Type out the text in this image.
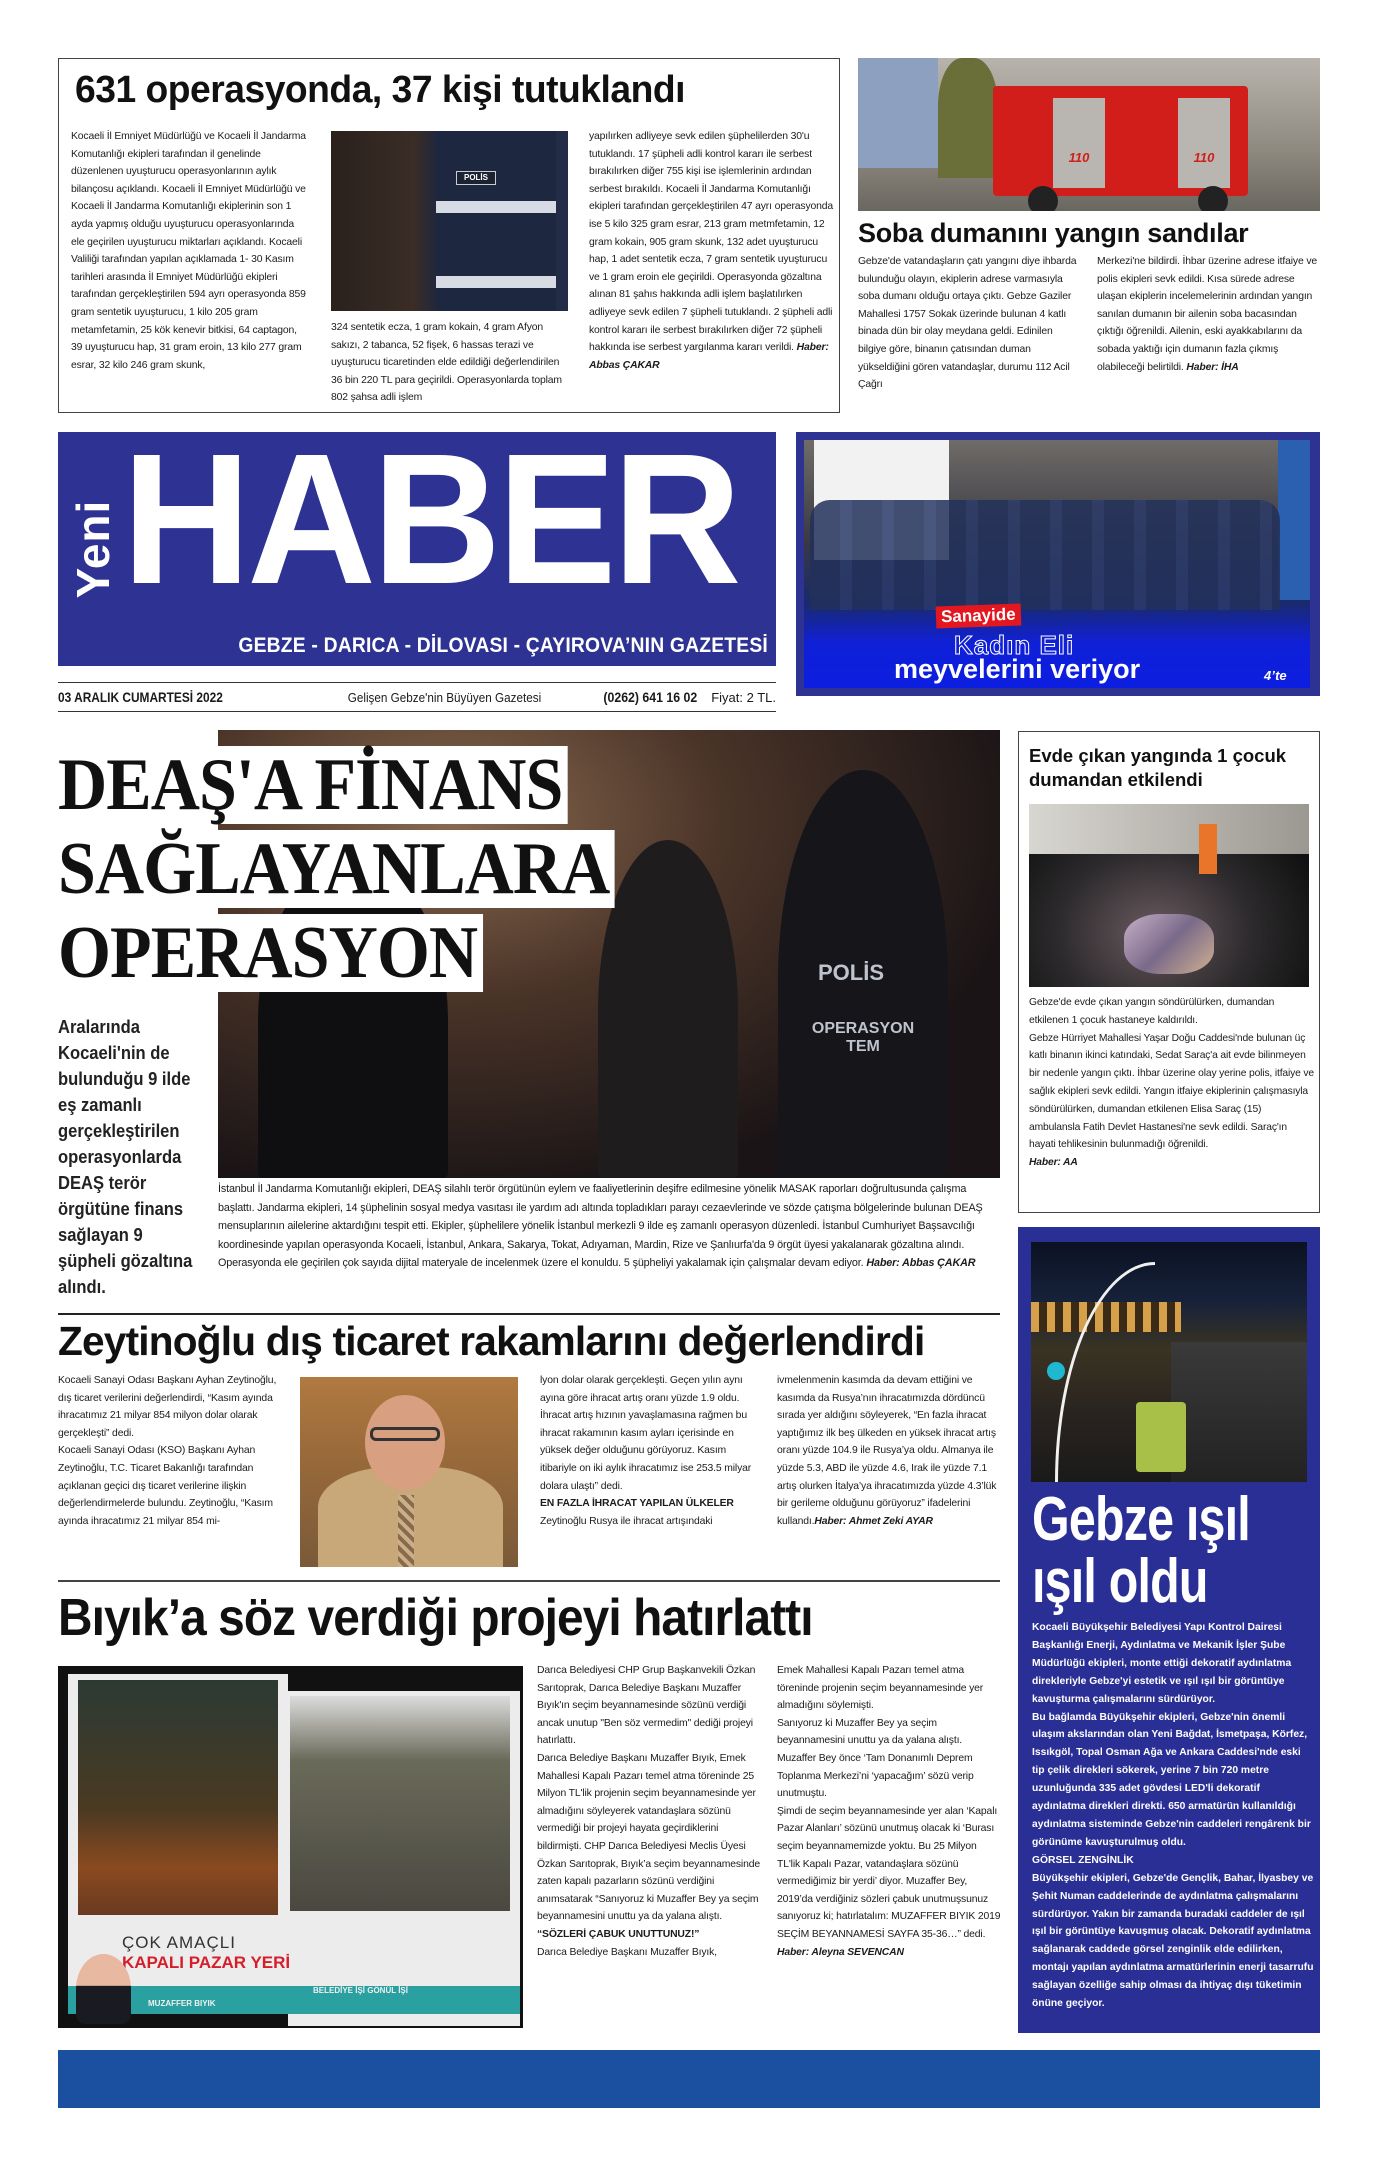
631 operasyonda, 37 kişi tutuklandı
Kocaeli İl Emniyet Müdürlüğü ve Kocaeli İl Jandarma Komutanlığı ekipleri tarafından il genelinde düzenlenen uyuşturucu operasyonlarının aylık bilançosu açıklandı. Kocaeli İl Emniyet Müdürlüğü ve Kocaeli İl Jandarma Komutanlığı ekiplerinin son 1 ayda yapmış olduğu uyuşturucu operasyonlarında ele geçirilen uyuşturucu miktarları açıklandı. Kocaeli Valiliği tarafından yapılan açıklamada 1- 30 Kasım tarihleri arasında İl Emniyet Müdürlüğü ekipleri tarafından gerçekleştirilen 594 ayrı operasyonda 859 gram sentetik uyuşturucu, 1 kilo 205 gram metamfetamin, 25 kök kenevir bitkisi, 64 captagon, 39 uyuşturucu hap, 31 gram eroin, 13 kilo 277 gram esrar, 32 kilo 246 gram skunk,
POLİS
324 sentetik ecza, 1 gram kokain, 4 gram Afyon sakızı, 2 tabanca, 52 fişek, 6 hassas terazi ve uyuşturucu ticaretinden elde edildiği değerlendirilen 36 bin 220 TL para geçirildi. Operasyonlarda toplam 802 şahsa adli işlem
yapılırken adliyeye sevk edilen şüphelilerden 30'u tutuklandı. 17 şüpheli adli kontrol kararı ile serbest bırakılırken diğer 755 kişi ise işlemlerinin ardından serbest bırakıldı. Kocaeli İl Jandarma Komutanlığı ekipleri tarafından gerçekleştirilen 47 ayrı operasyonda ise 5 kilo 325 gram esrar, 213 gram metmfetamin, 12 gram kokain, 905 gram skunk, 132 adet uyuşturucu hap, 1 adet sentetik ecza, 7 gram sentetik uyuşturucu ve 1 gram eroin ele geçirildi. Operasyonda gözaltına alınan 81 şahıs hakkında adli işlem başlatılırken adliyeye sevk edilen 7 şüpheli tutuklandı. 2 şüpheli adli kontrol kararı ile serbest bırakılırken diğer 72 şüpheli hakkında ise serbest yargılanma kararı verildi. Haber: Abbas ÇAKAR
110	110
Soba dumanını yangın sandılar
Gebze'de vatandaşların çatı yangını diye ihbarda bulunduğu olayın, ekiplerin adrese varmasıyla soba dumanı olduğu ortaya çıktı. Gebze Gaziler Mahallesi 1757 Sokak üzerinde bulunan 4 katlı binada dün bir olay meydana geldi. Edinilen bilgiye göre, binanın çatısından duman yükseldiğini gören vatandaşlar, durumu 112 Acil Çağrı
Merkezi'ne bildirdi. İhbar üzerine adrese itfaiye ve polis ekipleri sevk edildi. Kısa sürede adrese ulaşan ekiplerin incelemelerinin ardından yangın sanılan dumanın bir ailenin soba bacasından çıktığı öğrenildi. Ailenin, eski ayakkabılarını da sobada yaktığı için dumanın fazla çıkmış olabileceği belirtildi. Haber: İHA
Yeni HABER
GEBZE - DARICA - DİLOVASI - ÇAYIROVA’NIN GAZETESİ
03 ARALIK CUMARTESİ 2022	Gelişen Gebze'nin Büyüyen Gazetesi	(0262) 641 16 02 Fiyat: 2 TL.
Sanayide
Kadın Eli
meyvelerini veriyor	4’te
POLİS
OPERASYON TEM
DEAŞ'A FİNANS
SAĞLAYANLARA
OPERASYON
Aralarında Kocaeli'nin de bulunduğu 9 ilde eş zamanlı gerçekleştirilen operasyonlarda DEAŞ terör örgütüne finans sağlayan 9 şüpheli gözaltına alındı.
İstanbul İl Jandarma Komutanlığı ekipleri, DEAŞ silahlı terör örgütünün eylem ve faaliyetlerinin deşifre edilmesine yönelik MASAK raporları doğrultusunda çalışma başlattı. Jandarma ekipleri, 14 şüphelinin sosyal medya vasıtası ile yardım adı altında topladıkları parayı cezaevlerinde ve sözde çatışma bölgelerinde bulunan DEAŞ mensuplarının ailelerine aktardığını tespit etti. Ekipler, şüphelilere yönelik İstanbul merkezli 9 ilde eş zamanlı operasyon düzenledi. İstanbul Cumhuriyet Başsavcılığı koordinesinde yapılan operasyonda Kocaeli, İstanbul, Ankara, Sakarya, Tokat, Adıyaman, Mardin, Rize ve Şanlıurfa'da 9 örgüt üyesi yakalanarak gözaltına alındı. Operasyonda ele geçirilen çok sayıda dijital materyale de incelenmek üzere el konuldu. 5 şüpheliyi yakalamak için çalışmalar devam ediyor. Haber: Abbas ÇAKAR
Evde çıkan yangında 1 çocuk dumandan etkilendi

Gebze'de evde çıkan yangın söndürülürken, dumandan etkilenen 1 çocuk hastaneye kaldırıldı.

Gebze Hürriyet Mahallesi Yaşar Doğu Caddesi'nde bulunan üç katlı binanın ikinci katındaki, Sedat Saraç'a ait evde bilinmeyen bir nedenle yangın çıktı. İhbar üzerine olay yerine polis, itfaiye ve sağlık ekipleri sevk edildi. Yangın itfaiye ekiplerinin çalışmasıyla söndürülürken, dumandan etkilenen Elisa Saraç (15) ambulansla Fatih Devlet Hastanesi'ne sevk edildi. Saraç'ın hayati tehlikesinin bulunmadığı öğrenildi.

Haber: AA

Zeytinoğlu dış ticaret rakamlarını değerlendirdi

Kocaeli Sanayi Odası Başkanı Ayhan Zeytinoğlu, dış ticaret verilerini değerlendirdi, “Kasım ayında ihracatımız 21 milyar 854 milyon dolar olarak gerçekleşti” dedi.

Kocaeli Sanayi Odası (KSO) Başkanı Ayhan Zeytinoğlu, T.C. Ticaret Bakanlığı tarafından açıklanan geçici dış ticaret verilerine ilişkin değerlendirmelerde bulundu. Zeytinoğlu, “Kasım ayında ihracatımız 21 milyar 854 mi-

lyon dolar olarak gerçekleşti. Geçen yılın aynı ayına göre ihracat artış oranı yüzde 1.9 oldu. İhracat artış hızının yavaşlamasına rağmen bu ihracat rakamının kasım ayları içerisinde en yüksek değer olduğunu görüyoruz. Kasım itibariyle on iki aylık ihracatımız ise 253.5 milyar dolara ulaştı” dedi.

EN FAZLA İHRACAT YAPILAN ÜLKELER

Zeytinoğlu Rusya ile ihracat artışındaki

ivmelenmenin kasımda da devam ettiğini ve kasımda da Rusya’nın ihracatımızda dördüncü sırada yer aldığını söyleyerek, “En fazla ihracat yaptığımız ilk beş ülkeden en yüksek ihracat artış oranı yüzde 104.9 ile Rusya’ya oldu. Almanya ile yüzde 5.3, ABD ile yüzde 4.6, Irak ile yüzde 7.1 artış olurken İtalya’ya ihracatımızda yüzde 4.3’lük bir gerileme olduğunu görüyoruz” ifadelerini kullandı.Haber: Ahmet Zeki AYAR	Gebze ışıl
ışıl oldu

Kocaeli Büyükşehir Belediyesi Yapı Kontrol Dairesi Başkanlığı Enerji, Aydınlatma ve Mekanik İşler Şube Müdürlüğü ekipleri, monte ettiği dekoratif aydınlatma direkleriyle Gebze'yi estetik ve ışıl ışıl bir görüntüye kavuşturma çalışmalarını sürdürüyor.

Bu bağlamda Büyükşehir ekipleri, Gebze'nin önemli ulaşım akslarından olan Yeni Bağdat, İsmetpaşa, Körfez, Issıkgöl, Topal Osman Ağa ve Ankara Caddesi'nde eski tip çelik direkleri sökerek, yerine 7 bin 720 metre uzunluğunda 335 adet gövdesi LED'li dekoratif aydınlatma direkleri direkti. 650 armatürün kullanıldığı aydınlatma sisteminde Gebze'nin caddeleri rengârenk bir görünüme kavuşturulmuş oldu.

GÖRSEL ZENGİNLİK

Büyükşehir ekipleri, Gebze'de Gençlik, Bahar, İlyasbey ve Şehit Numan caddelerinde de aydınlatma çalışmalarını sürdürüyor. Yakın bir zamanda buradaki caddeler de ışıl ışıl bir görüntüye kavuşmuş olacak. Dekoratif aydınlatma sağlanarak caddede görsel zenginlik elde edilirken, montajı yapılan aydınlatma armatürlerinin enerji tasarrufu sağlayan özelliğe sahip olması da ihtiyaç dışı tüketimin önüne geçiyor.

Bıyık’a söz verdiği projeyi hatırlattı
ÇOK AMAÇLI
KAPALI PAZAR YERİ
MUZAFFER BIYIK
BELEDİYE İŞİ GÖNÜL İŞİ

Darıca Belediyesi CHP Grup Başkanvekili Özkan Sarıtoprak, Darıca Belediye Başkanı Muzaffer Bıyık'ın seçim beyannamesinde sözünü verdiği ancak unutup "Ben söz vermedim" dediği projeyi hatırlattı.

Darıca Belediye Başkanı Muzaffer Bıyık, Emek Mahallesi Kapalı Pazarı temel atma töreninde 25 Milyon TL'lik projenin seçim beyannamesinde yer almadığını söyleyerek vatandaşlara sözünü vermediği bir projeyi hayata geçirdiklerini bildirmişti. CHP Darıca Belediyesi Meclis Üyesi Özkan Sarıtoprak, Bıyık’a seçim beyannamesinde zaten kapalı pazarların sözünü verdiğini anımsatarak “Sanıyoruz ki Muzaffer Bey ya seçim beyannamesini unuttu ya da yalana alıştı.

“SÖZLERİ ÇABUK UNUTTUNUZ!”

Darıca Belediye Başkanı Muzaffer Bıyık,

Emek Mahallesi Kapalı Pazarı temel atma töreninde projenin seçim beyannamesinde yer almadığını söylemişti.

Sanıyoruz ki Muzaffer Bey ya seçim beyannamesini unuttu ya da yalana alıştı.

Muzaffer Bey önce ‘Tam Donanımlı Deprem Toplanma Merkezi’ni ‘yapacağım’ sözü verip unutmuştu.

Şimdi de seçim beyannamesinde yer alan ‘Kapalı Pazar Alanları’ sözünü unutmuş olacak ki ‘Burası seçim beyannamemizde yoktu. Bu 25 Milyon TL'lik Kapalı Pazar, vatandaşlara sözünü vermediğimiz bir yerdi’ diyor. Muzaffer Bey, 2019’da verdiğiniz sözleri çabuk unutmuşsunuz sanıyoruz ki; hatırlatalım: MUZAFFER BIYIK 2019 SEÇİM BEYANNAMESİ SAYFA 35-36…” dedi.

Haber: Aleyna SEVENCAN
